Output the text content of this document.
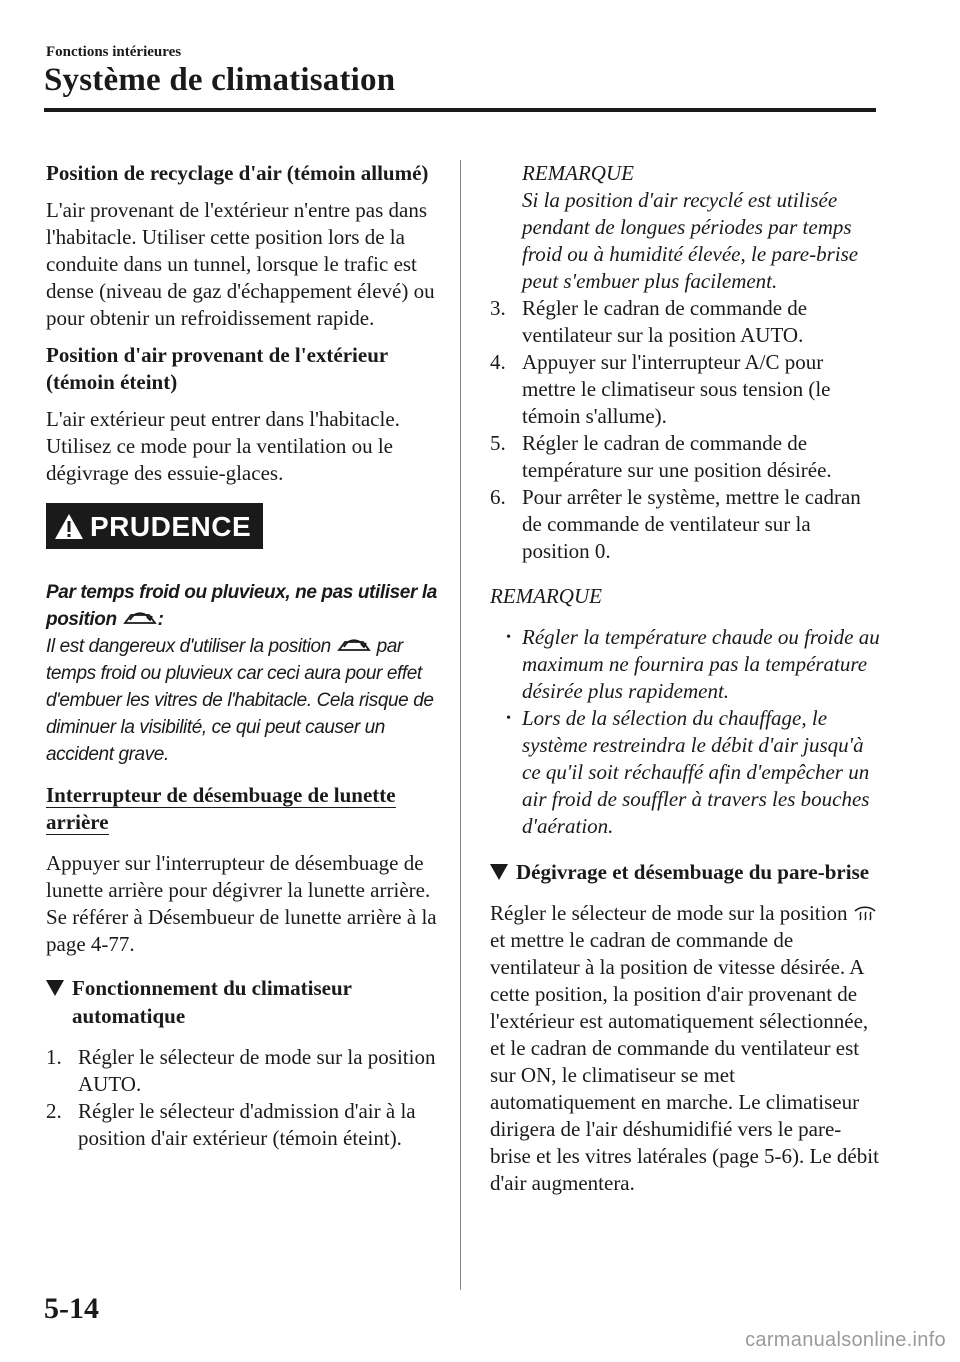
Fonctions intérieures
Système de climatisation

Position de recyclage d'air (témoin allumé)

L'air provenant de l'extérieur n'entre pas dans l'habitacle. Utiliser cette position lors de la conduite dans un tunnel, lorsque le trafic est dense (niveau de gaz d'échappement élevé) ou pour obtenir un refroidissement rapide.

Position d'air provenant de l'extérieur (témoin éteint)

L'air extérieur peut entrer dans l'habitacle. Utilisez ce mode pour la ventilation ou le dégivrage des essuie-glaces.

PRUDENCE

Par temps froid ou pluvieux, ne pas utiliser la position :

Il est dangereux d'utiliser la position par temps froid ou pluvieux car ceci aura pour effet d'embuer les vitres de l'habitacle. Cela risque de diminuer la visibilité, ce qui peut causer un accident grave.

Interrupteur de désembuage de lunette arrière

Appuyer sur l'interrupteur de désembuage de lunette arrière pour dégivrer la lunette arrière.

Se référer à Désembueur de lunette arrière à la page 4-77.

Fonctionnement du climatiseur automatique
1. Régler le sélecteur de mode sur la position AUTO.
2. Régler le sélecteur d'admission d'air à la position d'air extérieur (témoin éteint).

REMARQUE

Si la position d'air recyclé est utilisée pendant de longues périodes par temps froid ou à humidité élevée, le pare-brise peut s'embuer plus facilement.

3. Régler le cadran de commande de ventilateur sur la position AUTO.
4. Appuyer sur l'interrupteur A/C pour mettre le climatiseur sous tension (le témoin s'allume).
5. Régler le cadran de commande de température sur une position désirée.
6. Pour arrêter le système, mettre le cadran de commande de ventilateur sur la position 0.

REMARQUE

• Régler la température chaude ou froide au maximum ne fournira pas la température désirée plus rapidement.

• Lors de la sélection du chauffage, le système restreindra le débit d'air jusqu'à ce qu'il soit réchauffé afin d'empêcher un air froid de souffler à travers les bouches d'aération.

Dégivrage et désembuage du pare-brise

Régler le sélecteur de mode sur la position  et mettre le cadran de commande de ventilateur à la position de vitesse désirée. A cette position, la position d'air provenant de l'extérieur est automatiquement sélectionnée, et le cadran de commande du ventilateur est sur ON, le climatiseur se met automatiquement en marche. Le climatiseur dirigera de l'air déshumidifié vers le pare-brise et les vitres latérales (page 5-6). Le débit d'air augmentera.

5-14
carmanualsonline.info
